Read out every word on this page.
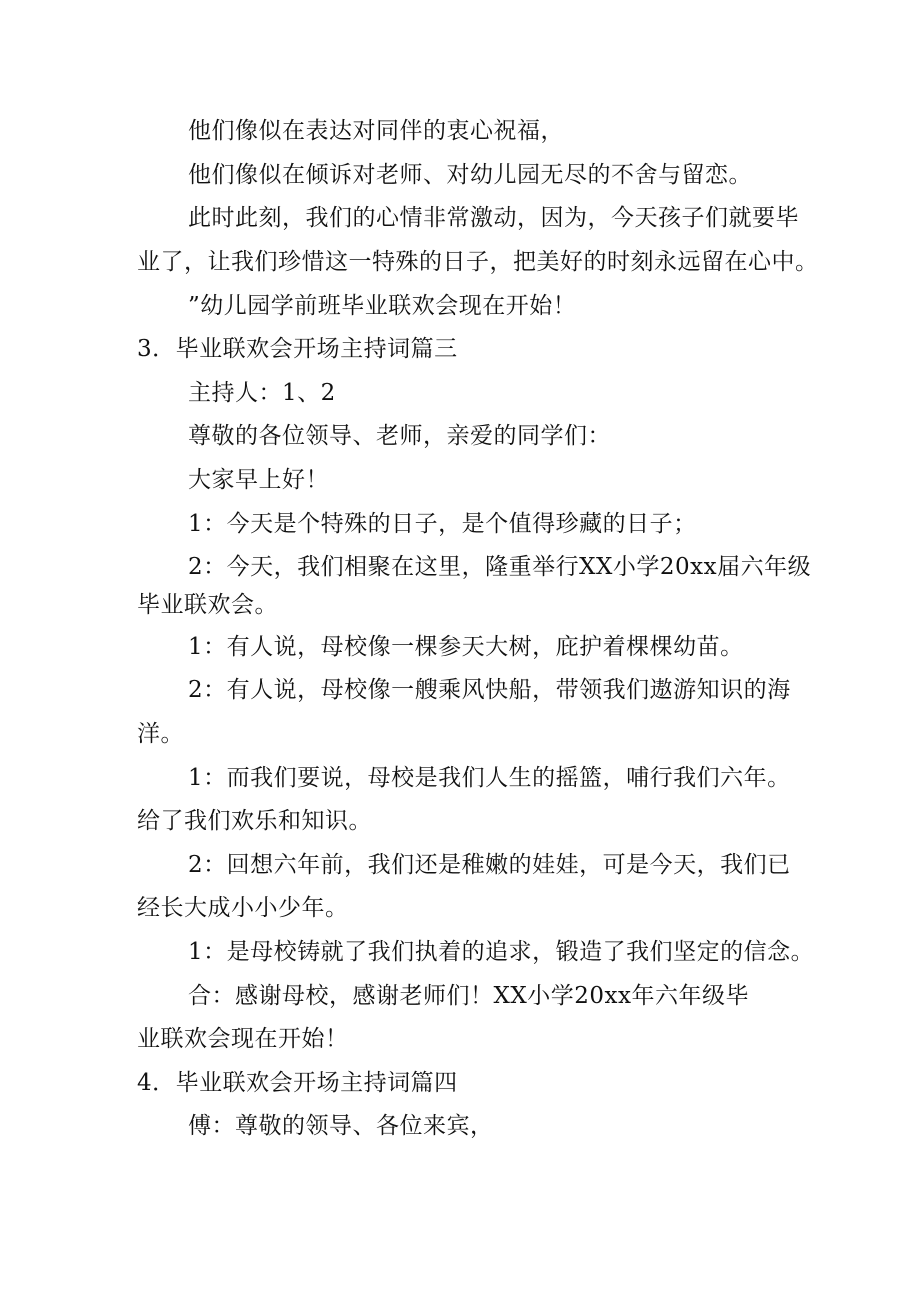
他们像似在表达对同伴的衷心祝福，
他们像似在倾诉对老师、对幼儿园无尽的不舍与留恋。
此时此刻，我们的心情非常激动，因为，今天孩子们就要毕
业了，让我们珍惜这一特殊的日子，把美好的时刻永远留在心中。
”幼儿园学前班毕业联欢会现在开始！
3．毕业联欢会开场主持词篇三
主持人：1、2
尊敬的各位领导、老师，亲爱的同学们：
大家早上好！
1：今天是个特殊的日子，是个值得珍藏的日子；
2：今天，我们相聚在这里，隆重举行XX小学20xx届六年级
毕业联欢会。
1：有人说，母校像一棵参天大树，庇护着棵棵幼苗。
2：有人说，母校像一艘乘风快船，带领我们遨游知识的海
洋。
1：而我们要说，母校是我们人生的摇篮，哺行我们六年。
给了我们欢乐和知识。
2：回想六年前，我们还是稚嫩的娃娃，可是今天，我们已
经长大成小小少年。
1：是母校铸就了我们执着的追求，锻造了我们坚定的信念。
合：感谢母校，感谢老师们！XX小学20xx年六年级毕
业联欢会现在开始！
4．毕业联欢会开场主持词篇四
傅：尊敬的领导、各位来宾，
